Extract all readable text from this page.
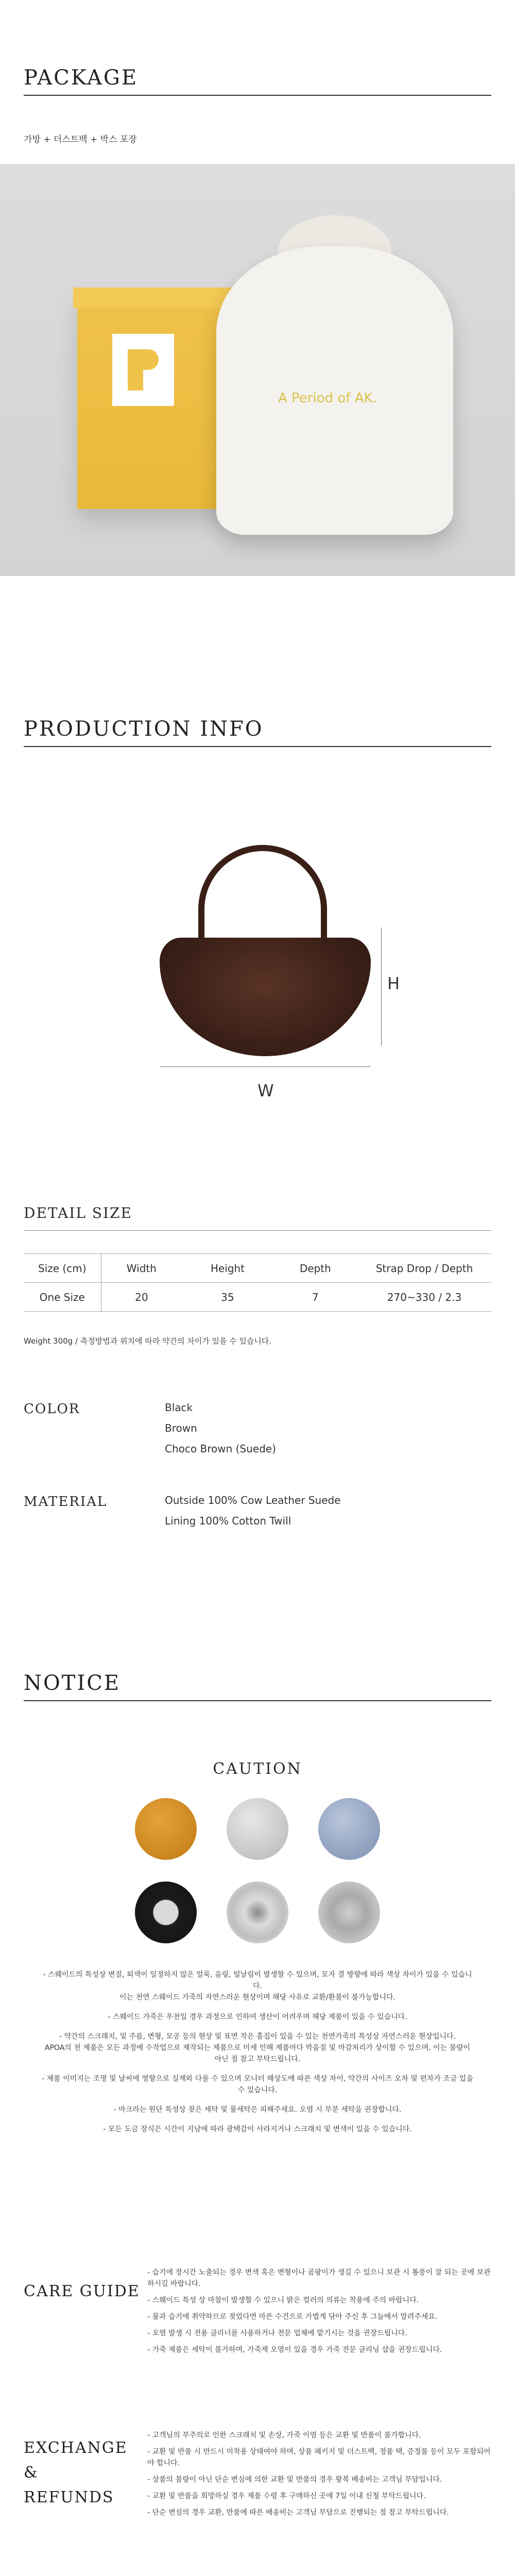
PACKAGE
가방 + 더스트백 + 박스 포장
A Period of AK.
PRODUCTION INFO
H
W
DETAIL SIZE
Size (cm)	Width	Height	Depth	Strap Drop / Depth
One Size	20	35	7	270~330 / 2.3
Weight 300g / 측정방법과 위치에 따라 약간의 차이가 있을 수 있습니다.
COLOR	Black
Brown
Choco Brown (Suede)
MATERIAL	Outside 100% Cow Leather Suede
Lining 100% Cotton Twill
NOTICE
CAUTION
- 스웨이드의 특성상 변질, 퇴색이 일정하지 않은 얼룩, 음링, 털날림이 발생할 수 있으며, 모자 결 방향에 따라 색상 차이가 있을 수 있습니다.
이는 천연 스웨이드 가죽의 자연스러운 현상이며 해당 사유로 교환/환불이 불가능합니다.
- 스웨이드 가죽은 우천일 경우 과정으로 인하여 생산이 어려우며 해당 제품이 있을 수 있습니다.
- 약간의 스크래치, 및 주름, 변형, 모공 등의 현상 및 표면 작은 흠집이 있을 수 있는 천연가죽의 특성상 자연스러운 현상입니다.
APOA의 천 제품은 모든 과정에 수작업으로 제작되는 제품으로 미세 인해 제품마다 박음질 및 마감처리가 상이할 수 있으며, 이는 불량이 아닌 점 참고 부탁드립니다.
- 제품 이미지는 조명 및 날씨에 영향으로 실제와 다를 수 있으며 모니터 해상도에 따른 색상 차이, 약간의 사이즈 오차 및 편차가 조금 있을 수 있습니다.
- 마크라는 원단 특성상 잦은 세탁 및 물세탁은 피해주세요. 오염 시 부분 세탁을 권장합니다.
- 모든 도금 장식은 시간이 지남에 따라 광택감이 사라지거나 스크래치 및 변색이 있을 수 있습니다.
CARE GUIDE
- 습기에 장시간 노출되는 경우 변색 혹은 변형이나 곰팡이가 생길 수 있으니 보관 시 통풍이 잘 되는 곳에 보관하시길 바랍니다.
- 스웨이드 특성 상 마찰이 발생할 수 있으니 밝은 컬러의 의류는 착용에 주의 바랍니다.
- 물과 습기에 취약하므로 젖었다면 마른 수건으로 가볍게 닦아 주신 후 그늘에서 말려주세요.
- 오염 발생 시 전용 클리너를 사용하거나 전문 업체에 맡기시는 것을 권장드립니다.
- 가죽 제품은 세탁이 불가하며, 가죽제 오염이 있을 경우 가죽 전문 클리닝 샵을 권장드립니다.
EXCHANGE
&
REFUNDS
- 고객님의 부주의로 인한 스크래치 및 손상, 가죽 이염 등은 교환 및 반품이 불가합니다.
- 교환 및 반품 시 반드시 미착용 상태여야 하며, 상품 패키지 및 더스트백, 정품 택, 증정품 등이 모두 포함되어야 합니다.
- 상품의 불량이 아닌 단순 변심에 의한 교환 및 반품의 경우 왕복 배송비는 고객님 부담입니다.
- 교환 및 반품을 희망하실 경우 제품 수령 후 구매하신 곳에 7일 이내 신청 부탁드립니다.
- 단순 변심의 경우 교환, 반품에 따른 배송비는 고객님 부담으로 진행되는 점 참고 부탁드립니다.
